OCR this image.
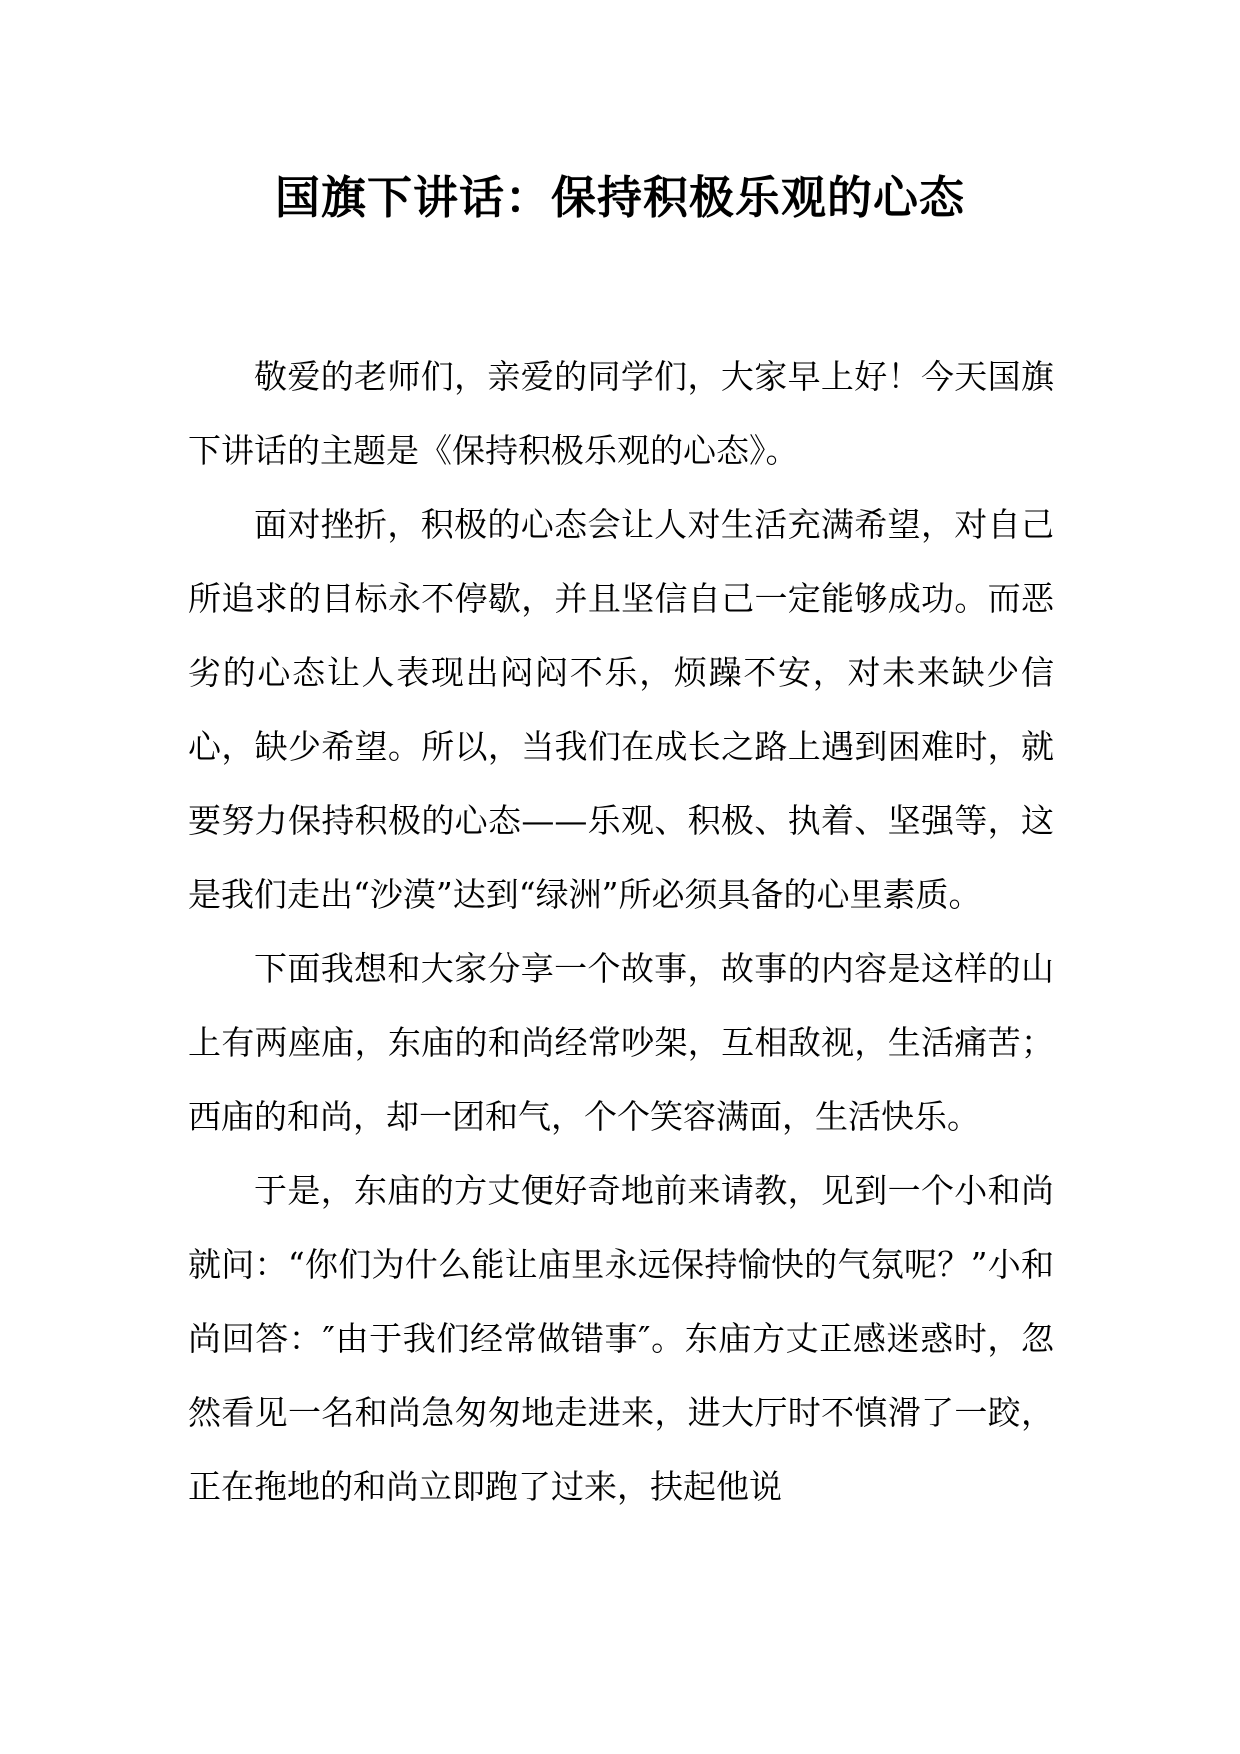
国旗下讲话：保持积极乐观的心态

敬爱的老师们，亲爱的同学们，大家早上好！今天国旗下讲话的主题是《保持积极乐观的心态》。

面对挫折，积极的心态会让人对生活充满希望，对自己所追求的目标永不停歇，并且坚信自己一定能够成功。而恶劣的心态让人表现出闷闷不乐，烦躁不安，对未来缺少信心，缺少希望。所以，当我们在成长之路上遇到困难时，就要努力保持积极的心态——乐观、积极、执着、坚强等，这是我们走出“沙漠”达到“绿洲”所必须具备的心里素质。

下面我想和大家分享一个故事，故事的内容是这样的山上有两座庙，东庙的和尚经常吵架，互相敌视，生活痛苦；西庙的和尚，却一团和气，个个笑容满面，生活快乐。

于是，东庙的方丈便好奇地前来请教，见到一个小和尚就问：“你们为什么能让庙里永远保持愉快的气氛呢？”小和尚回答：″由于我们经常做错事″。东庙方丈正感迷惑时，忽然看见一名和尚急匆匆地走进来，进大厅时不慎滑了一跤，正在拖地的和尚立即跑了过来，扶起他说
